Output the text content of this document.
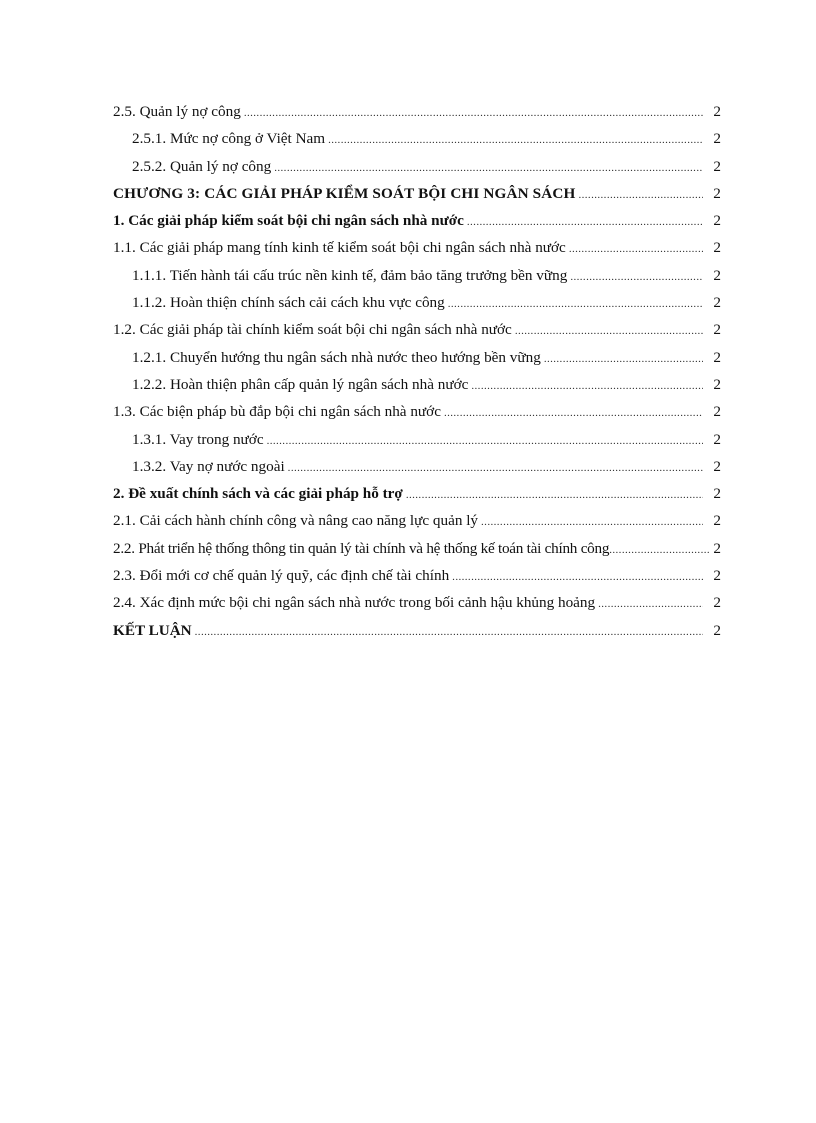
2.5. Quản lý nợ công .....	2
2.5.1. Mức nợ công ở Việt Nam .....	2
2.5.2. Quản lý nợ công .....	2
CHƯƠNG 3: CÁC GIẢI PHÁP KIỂM SOÁT BỘI CHI NGÂN SÁCH .....	2
1. Các giải pháp kiểm soát bội chi ngân sách nhà nước .....	2
1.1. Các giải pháp mang tính kinh tế kiểm soát bội chi ngân sách nhà nước .....	2
1.1.1. Tiến hành tái cấu trúc nền kinh tế, đảm bảo tăng trưởng bền vững .....	2
1.1.2. Hoàn thiện chính sách cải cách khu vực công .....	2
1.2. Các giải pháp tài chính kiểm soát bội chi ngân sách nhà nước .....	2
1.2.1. Chuyển hướng thu ngân sách nhà nước theo hướng bền vững .....	2
1.2.2. Hoàn thiện phân cấp quản lý ngân sách nhà nước .....	2
1.3. Các biện pháp bù đắp bội chi ngân sách nhà nước .....	2
1.3.1. Vay trong nước .....	2
1.3.2. Vay nợ nước ngoài .....	2
2. Đề xuất chính sách và các giải pháp hỗ trợ .....	2
2.1. Cải cách hành chính công và nâng cao năng lực quản lý .....	2
2.2. Phát triển hệ thống thông tin quản lý tài chính và hệ thống kế toán tài chính công .....	2
2.3. Đổi mới cơ chế quản lý quỹ, các định chế tài chính .....	2
2.4. Xác định mức bội chi ngân sách nhà nước trong bối cảnh hậu khủng hoảng .....	2
KẾT LUẬN .....	2
